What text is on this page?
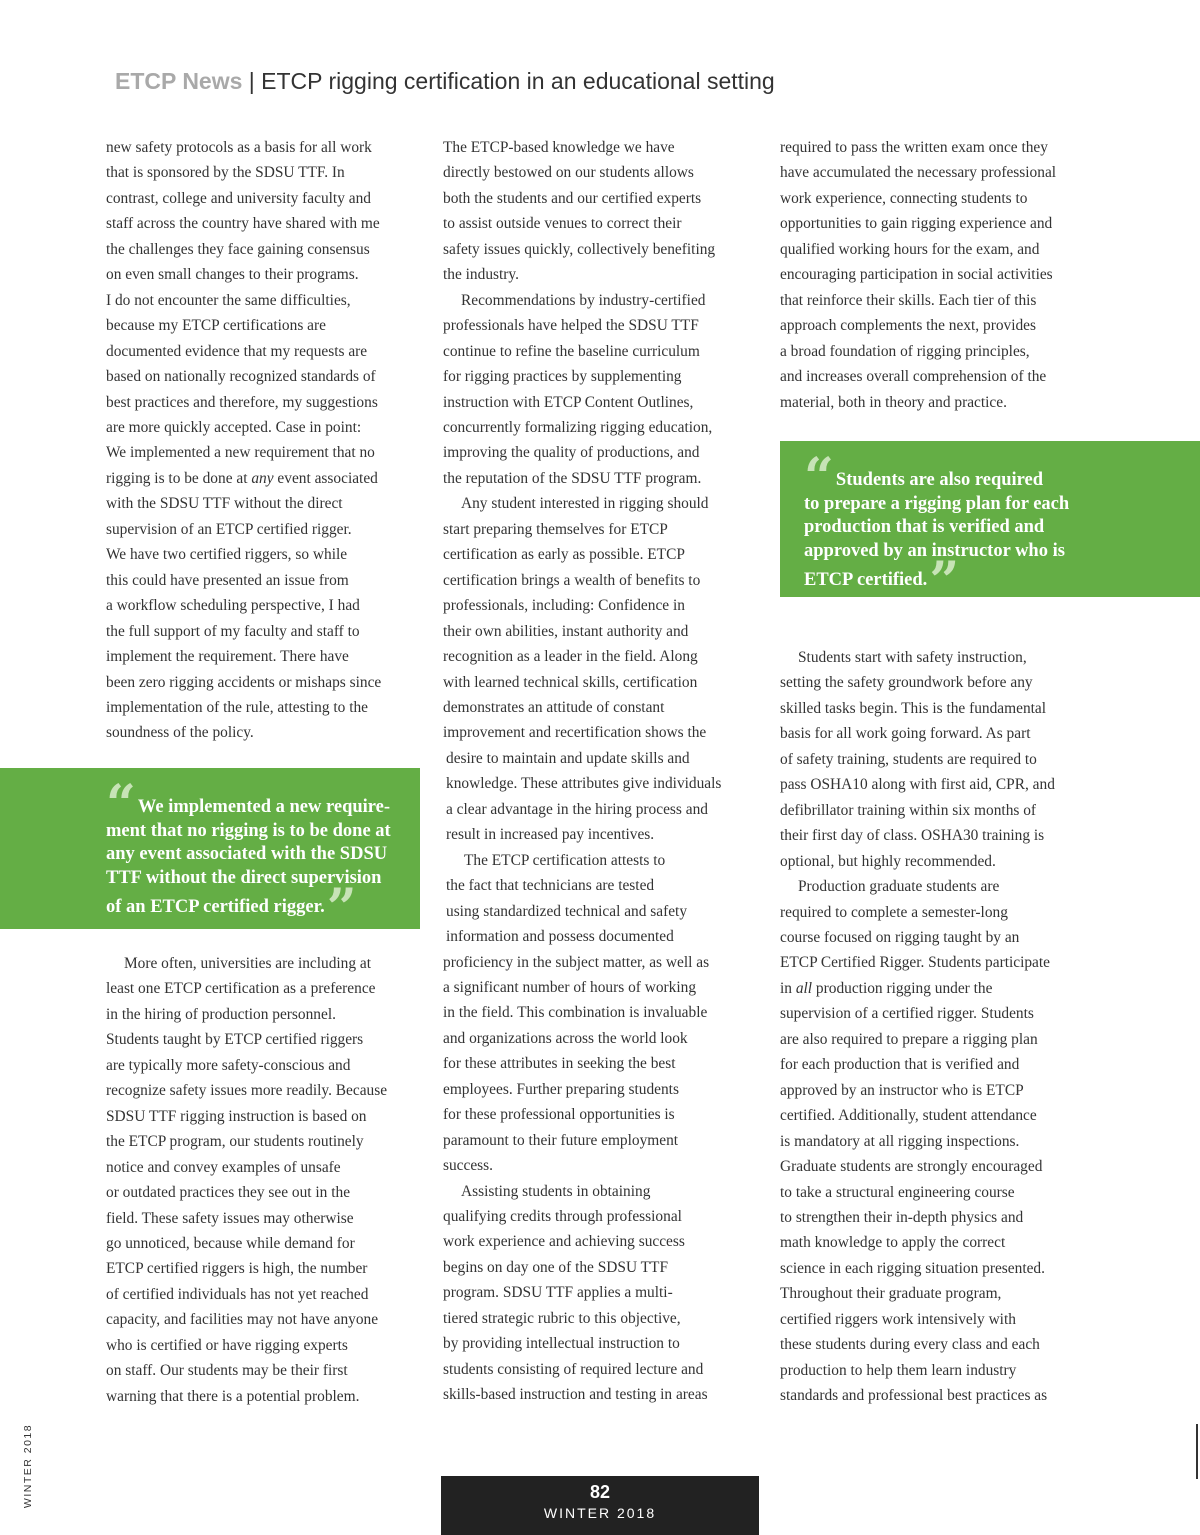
ETCP News | ETCP rigging certification in an educational setting

new safety protocols as a basis for all work

that is sponsored by the SDSU TTF. In

contrast, college and university faculty and

staff across the country have shared with me

the challenges they face gaining consensus

on even small changes to their programs.

I do not encounter the same difficulties,

because my ETCP certifications are

documented evidence that my requests are

based on nationally recognized standards of

best practices and therefore, my suggestions

are more quickly accepted. Case in point:

We implemented a new requirement that no

rigging is to be done at any event associated

with the SDSU TTF without the direct

supervision of an ETCP certified rigger.

We have two certified riggers, so while

this could have presented an issue from

a workflow scheduling perspective, I had

the full support of my faculty and staff to

implement the requirement. There have

been zero rigging accidents or mishaps since

implementation of the rule, attesting to the

soundness of the policy.

“ We implemented a new require-

ment that no rigging is to be done at

any event associated with the SDSU

TTF without the direct supervision

of an ETCP certified rigger.”

More often, universities are including at

least one ETCP certification as a preference

in the hiring of production personnel.

Students taught by ETCP certified riggers

are typically more safety-conscious and

recognize safety issues more readily. Because

SDSU TTF rigging instruction is based on

the ETCP program, our students routinely

notice and convey examples of unsafe

or outdated practices they see out in the

field. These safety issues may otherwise

go unnoticed, because while demand for

ETCP certified riggers is high, the number

of certified individuals has not yet reached

capacity, and facilities may not have anyone

who is certified or have rigging experts

on staff. Our students may be their first

warning that there is a potential problem.

The ETCP-based knowledge we have

directly bestowed on our students allows

both the students and our certified experts

to assist outside venues to correct their

safety issues quickly, collectively benefiting

the industry.

Recommendations by industry-certified

professionals have helped the SDSU TTF

continue to refine the baseline curriculum

for rigging practices by supplementing

instruction with ETCP Content Outlines,

concurrently formalizing rigging education,

improving the quality of productions, and

the reputation of the SDSU TTF program.

Any student interested in rigging should

start preparing themselves for ETCP

certification as early as possible. ETCP

certification brings a wealth of benefits to

professionals, including: Confidence in

their own abilities, instant authority and

recognition as a leader in the field. Along

with learned technical skills, certification

demonstrates an attitude of constant

improvement and recertification shows the

desire to maintain and update skills and

knowledge. These attributes give individuals

a clear advantage in the hiring process and

result in increased pay incentives.

The ETCP certification attests to

the fact that technicians are tested

using standardized technical and safety

information and possess documented

proficiency in the subject matter, as well as

a significant number of hours of working

in the field. This combination is invaluable

and organizations across the world look

for these attributes in seeking the best

employees. Further preparing students

for these professional opportunities is

paramount to their future employment

success.

Assisting students in obtaining

qualifying credits through professional

work experience and achieving success

begins on day one of the SDSU TTF

program. SDSU TTF applies a multi-

tiered strategic rubric to this objective,

by providing intellectual instruction to

students consisting of required lecture and

skills-based instruction and testing in areas

required to pass the written exam once they

have accumulated the necessary professional

work experience, connecting students to

opportunities to gain rigging experience and

qualified working hours for the exam, and

encouraging participation in social activities

that reinforce their skills. Each tier of this

approach complements the next, provides

a broad foundation of rigging principles,

and increases overall comprehension of the

material, both in theory and practice.

“ Students are also required

to prepare a rigging plan for each

production that is verified and

approved by an instructor who is

ETCP certified.”

Students start with safety instruction,

setting the safety groundwork before any

skilled tasks begin. This is the fundamental

basis for all work going forward. As part

of safety training, students are required to

pass OSHA10 along with first aid, CPR, and

defibrillator training within six months of

their first day of class. OSHA30 training is

optional, but highly recommended.

Production graduate students are

required to complete a semester-long

course focused on rigging taught by an

ETCP Certified Rigger. Students participate

in all production rigging under the

supervision of a certified rigger. Students

are also required to prepare a rigging plan

for each production that is verified and

approved by an instructor who is ETCP

certified. Additionally, student attendance

is mandatory at all rigging inspections.

Graduate students are strongly encouraged

to take a structural engineering course

to strengthen their in-depth physics and

math knowledge to apply the correct

science in each rigging situation presented.

Throughout their graduate program,

certified riggers work intensively with

these students during every class and each

production to help them learn industry

standards and professional best practices as

WINTER 2018	82
WINTER 2018
